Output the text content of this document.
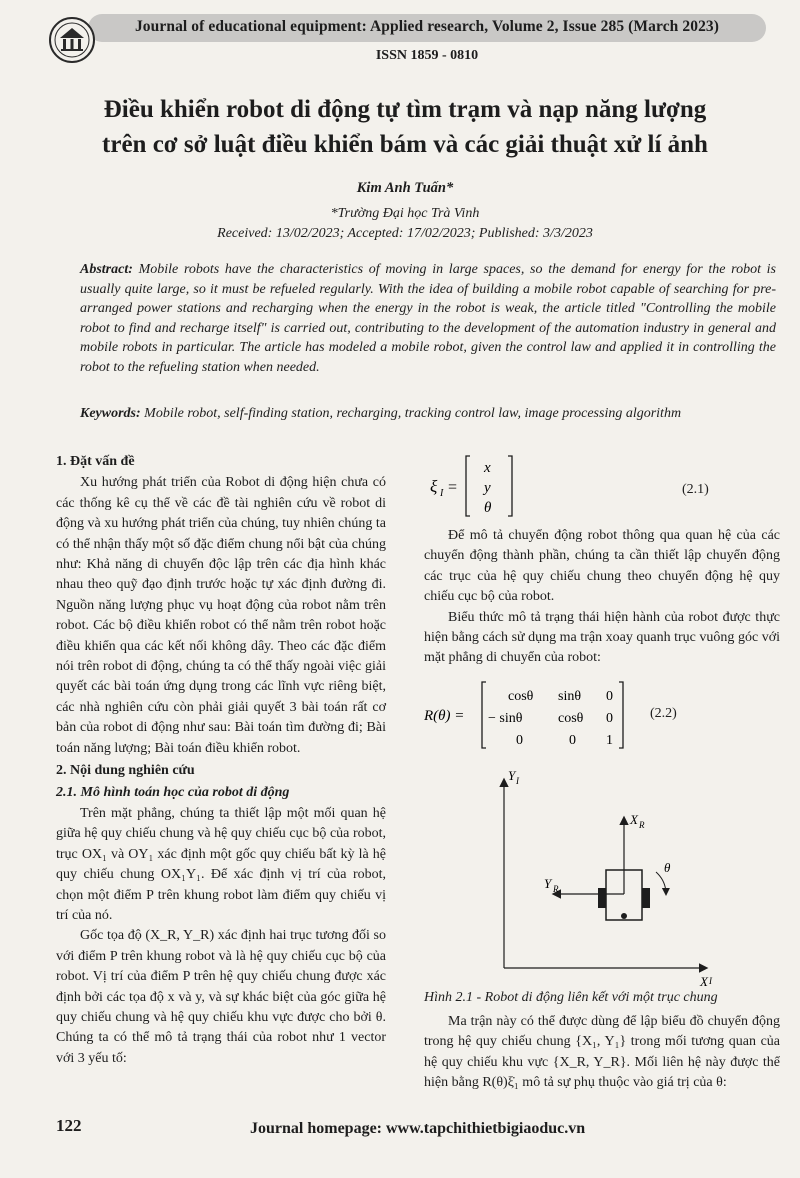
Journal of educational equipment: Applied research, Volume 2, Issue 285 (March 2023)
ISSN 1859 - 0810
Điều khiển robot di động tự tìm trạm và nạp năng lượng
trên cơ sở luật điều khiển bám và các giải thuật xử lí ảnh
Kim Anh Tuấn*
*Trường Đại học Trà Vinh
Received: 13/02/2023; Accepted: 17/02/2023; Published: 3/3/2023
Abstract: Mobile robots have the characteristics of moving in large spaces, so the demand for energy for the robot is usually quite large, so it must be refueled regularly. With the idea of building a mobile robot capable of searching for pre-arranged power stations and recharging when the energy in the robot is weak, the article titled "Controlling the mobile robot to find and recharge itself" is carried out, contributing to the development of the automation industry in general and mobile robots in particular. The article has modeled a mobile robot, given the control law and applied it in controlling the robot to the refueling station when needed.
Keywords: Mobile robot, self-finding station, recharging, tracking control law, image processing algorithm

1. Đặt vấn đề

Xu hướng phát triển của Robot di động hiện chưa có các thống kê cụ thể về các đề tài nghiên cứu về robot di động và xu hướng phát triển của chúng, tuy nhiên chúng ta có thể nhận thấy một số đặc điểm chung nổi bật của chúng như: Khả năng di chuyển độc lập trên các địa hình khác nhau theo quỹ đạo định trước hoặc tự xác định đường đi. Nguồn năng lượng phục vụ hoạt động của robot nằm trên robot. Các bộ điều khiển robot có thể nằm trên robot hoặc điều khiển qua các kết nối không dây. Theo các đặc điểm nói trên robot di động, chúng ta có thể thấy ngoài việc giải quyết các bài toán ứng dụng trong các lĩnh vực riêng biệt, các nhà nghiên cứu còn phải giải quyết 3 bài toán rất cơ bản của robot di động như sau: Bài toán tìm đường đi; Bài toán năng lượng; Bài toán điều khiển robot.

2. Nội dung nghiên cứu

2.1. Mô hình toán học của robot di động

Trên mặt phẳng, chúng ta thiết lập một mối quan hệ giữa hệ quy chiếu chung và hệ quy chiếu cục bộ của robot, trục OX₁ và OY₁ xác định một gốc quy chiếu bất kỳ là hệ quy chiếu chung OX₁Y₁. Để xác định vị trí của robot, chọn một điểm P trên khung robot làm điểm quy chiếu vị trí của nó.

Gốc tọa độ (X_R, Y_R) xác định hai trục tương đối so với điểm P trên khung robot và là hệ quy chiếu cục bộ của robot. Vị trí của điểm P trên hệ quy chiếu chung được xác định bởi các tọa độ x và y, và sự khác biệt của góc giữa hệ quy chiếu chung và hệ quy chiếu khu vực được cho bởi θ. Chúng ta có thể mô tả trạng thái của robot như 1 vector với 3 yếu tố:

ξ I =
x
y
θ
(2.1)

Để mô tả chuyển động robot thông qua quan hệ của các chuyển động thành phần, chúng ta cần thiết lập chuyển động các trục của hệ quy chiếu chung theo chuyển động hệ quy chiếu cục bộ của robot.

Biểu thức mô tả trạng thái hiện hành của robot được thực hiện bằng cách sử dụng ma trận xoay quanh trục vuông góc với mặt phẳng di chuyển của robot:

R(θ) =
cosθ sinθ 0
− sinθ	cosθ 0
0	0 1
(2.2)
Y I
X I
X R
Y R
θ
Hình 2.1 - Robot di động liên kết với một trục chung

Ma trận này có thể được dùng để lập biểu đồ chuyển động trong hệ quy chiếu chung {X₁, Y₁} trong mối tương quan của hệ quy chiếu khu vực {X_R, Y_R}. Mối liên hệ này được thể hiện bằng R(θ)ξ̇₁ mô tả sự phụ thuộc vào giá trị của θ:

122	Journal homepage: www.tapchithietbigiaoduc.vn
